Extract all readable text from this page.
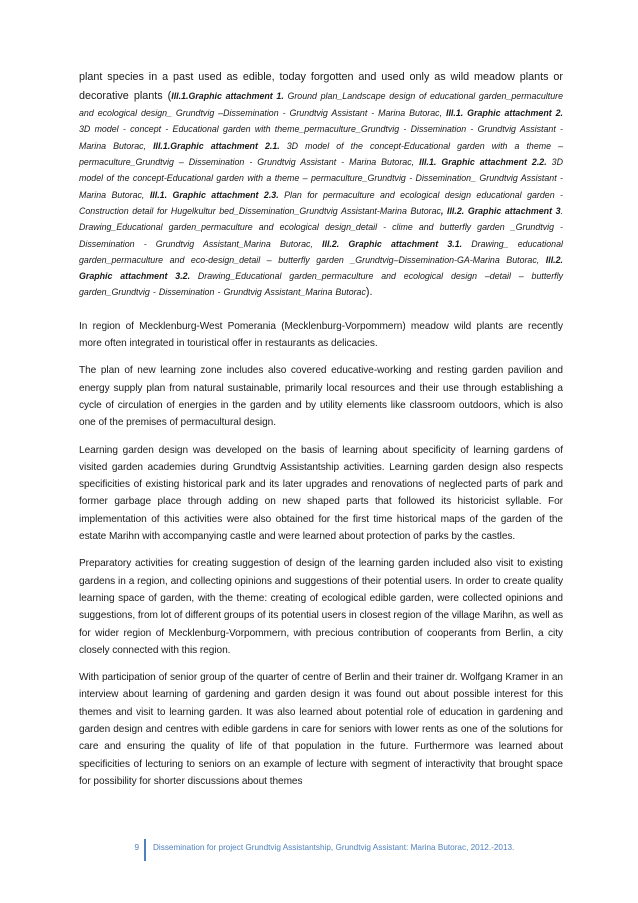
plant species in a past used as edible, today forgotten and used only as wild meadow plants or decorative plants (Ill.1.Graphic attachment 1. Ground plan_Landscape design of educational garden_permaculture and ecological design_ Grundtvig –Dissemination - Grundtvig Assistant - Marina Butorac, Ill.1. Graphic attachment 2. 3D model - concept - Educational garden with theme_permaculture_Grundtvig - Dissemination - Grundtvig Assistant - Marina Butorac, Ill.1.Graphic attachment 2.1. 3D model of the concept-Educational garden with a theme – permaculture_Grundtvig – Dissemination - Grundtvig Assistant - Marina Butorac, Ill.1. Graphic attachment 2.2. 3D model of the concept-Educational garden with a theme – permaculture_Grundtvig - Dissemination_ Grundtvig Assistant - Marina Butorac, Ill.1. Graphic attachment 2.3. Plan for permaculture and ecological design educational garden - Construction detail for Hugelkultur bed_Dissemination_Grundtvig Assistant-Marina Butorac, Ill.2. Graphic attachment 3. Drawing_Educational garden_permaculture and ecological design_detail - clime and butterfly garden _Grundtvig - Dissemination - Grundtvig Assistant_Marina Butorac, Ill.2. Graphic attachment 3.1. Drawing_ educational garden_permaculture and eco-design_detail – butterfly garden _Grundtvig–Dissemination-GA-Marina Butorac, Ill.2. Graphic attachment 3.2. Drawing_Educational garden_permaculture and ecological design –detail – butterfly garden_Grundtvig - Dissemination - Grundtvig Assistant_Marina Butorac).

In region of Mecklenburg-West Pomerania (Mecklenburg-Vorpommern) meadow wild plants are recently more often integrated in touristical offer in restaurants as delicacies.

The plan of new learning zone includes also covered educative-working and resting garden pavilion and energy supply plan from natural sustainable, primarily local resources and their use through establishing a cycle of circulation of energies in the garden and by utility elements like classroom outdoors, which is also one of the premises of permacultural design.

Learning garden design was developed on the basis of learning about specificity of learning gardens of visited garden academies during Grundtvig Assistantship activities. Learning garden design also respects specificities of existing historical park and its later upgrades and renovations of neglected parts of park and former garbage place through adding on new shaped parts that followed its historicist syllable. For implementation of this activities were also obtained for the first time historical maps of the garden of the estate Marihn with accompanying castle and were learned about protection of parks by the castles.

Preparatory activities for creating suggestion of design of the learning garden included also visit to existing gardens in a region, and collecting opinions and suggestions of their potential users. In order to create quality learning space of garden, with the theme: creating of ecological edible garden, were collected opinions and suggestions, from lot of different groups of its potential users in closest region of the village Marihn, as well as for wider region of Mecklenburg-Vorpommern, with precious contribution of cooperants from Berlin, a city closely connected with this region.

With participation of senior group of the quarter of centre of Berlin and their trainer dr. Wolfgang Kramer in an interview about learning of gardening and garden design it was found out about possible interest for this themes and visit to learning garden. It was also learned about potential role of education in gardening and garden design and centres with edible gardens in care for seniors with lower rents as one of the solutions for care and ensuring the quality of life of that population in the future. Furthermore was learned about specificities of lecturing to seniors on an example of lecture with segment of interactivity that brought space for possibility for shorter discussions about themes

9 Dissemination for project Grundtvig Assistantship, Grundtvig Assistant: Marina Butorac, 2012.-2013.
